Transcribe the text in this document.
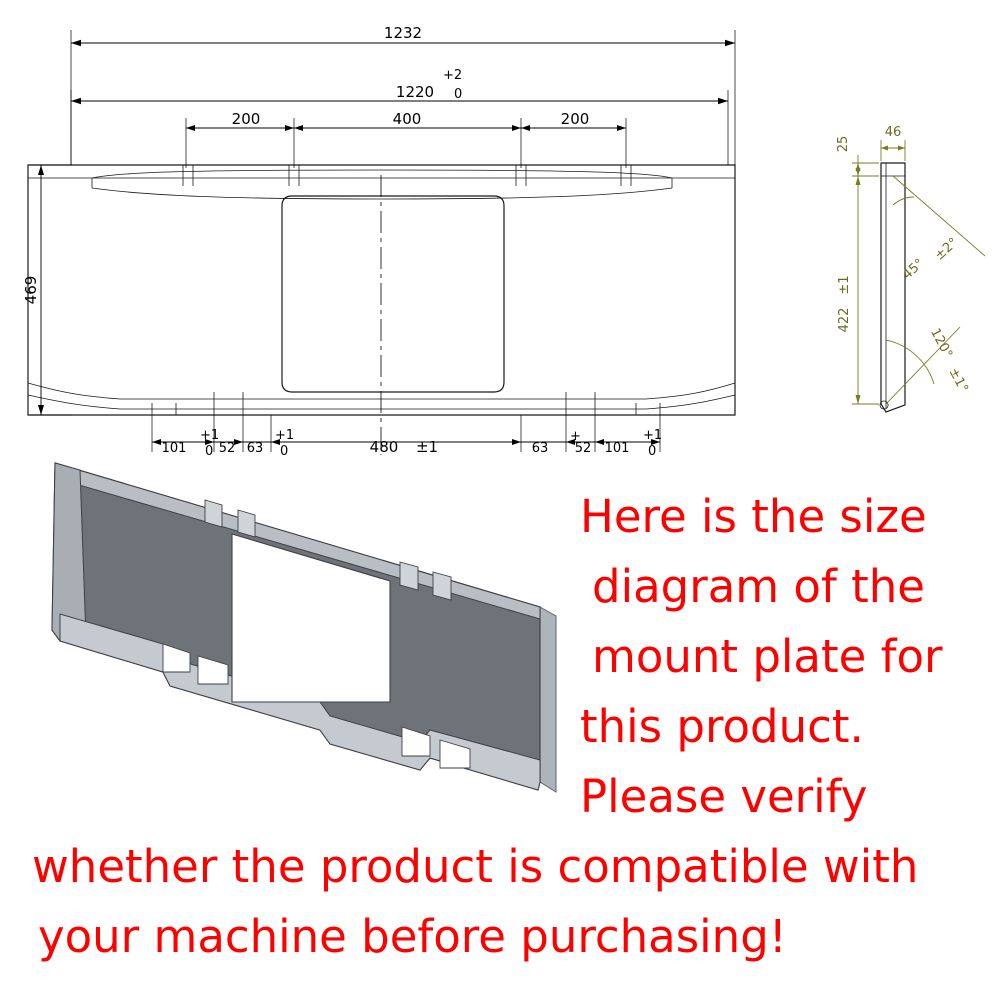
1232
1220
+2
0
200	400	200
469
101
+1
0 52 63
+1
0	480 ±1	63
+
52 101
+1
0
46
25
422
±1
45°
±2°
120°
±1°
Here is the size
diagram of the
mount plate for
this product.
Please verify
whether the product is compatible with
your machine before purchasing!
